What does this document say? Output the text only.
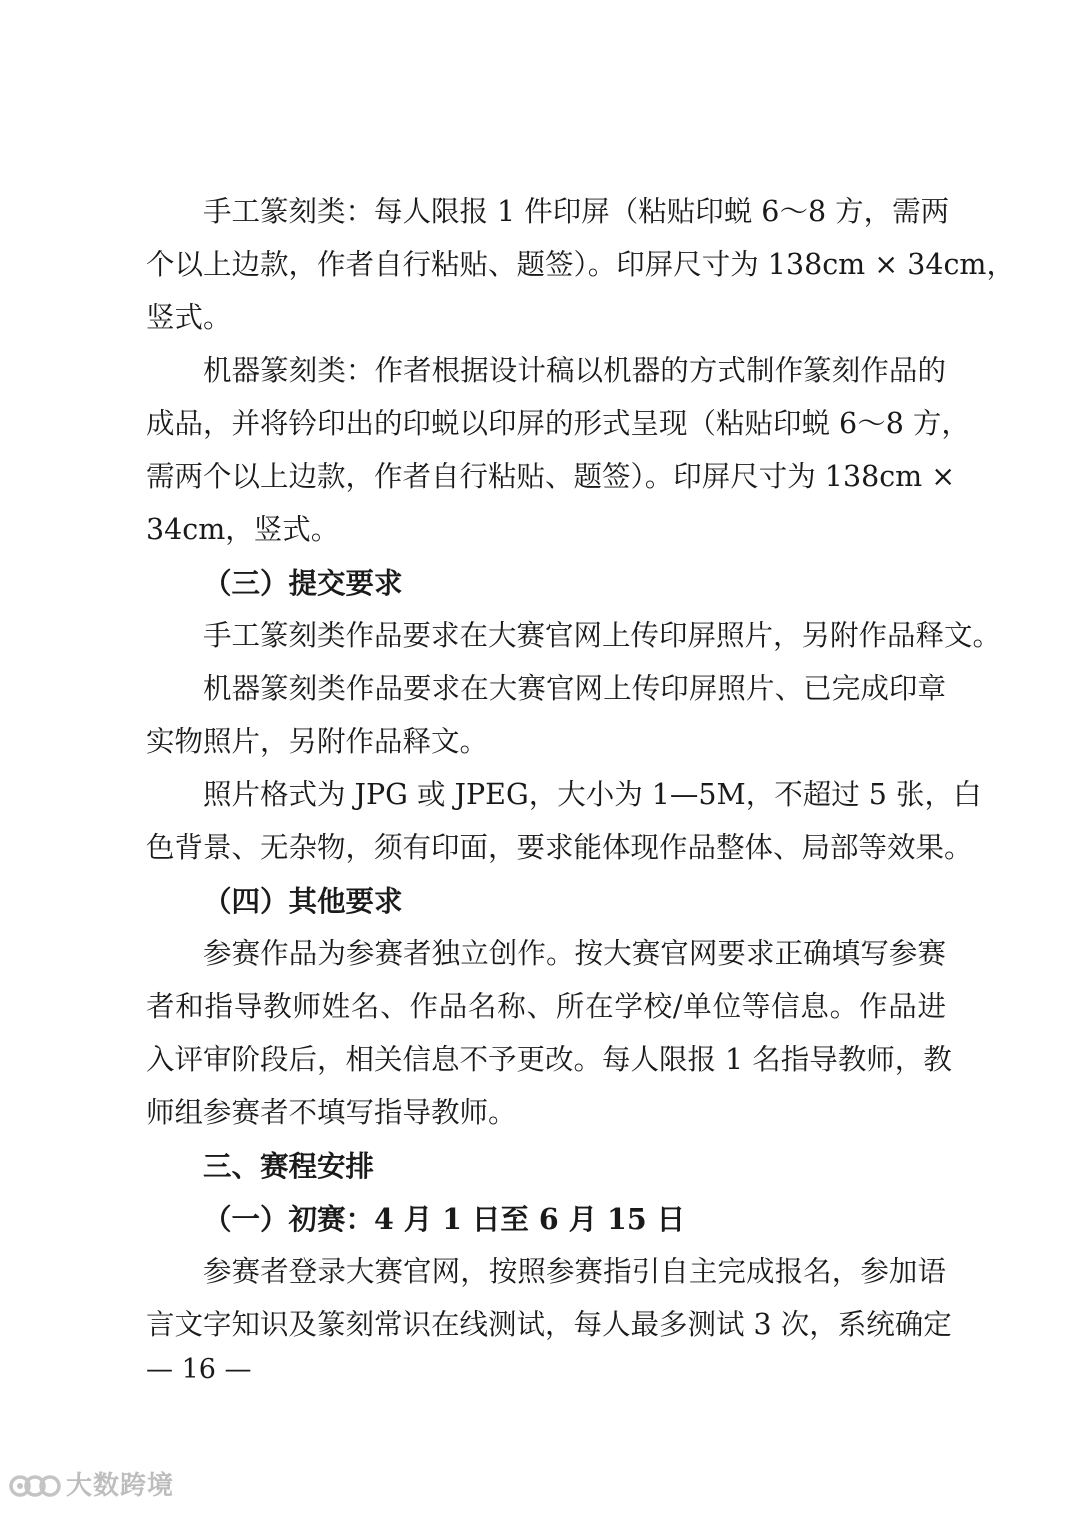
手工篆刻类：每人限报 1 件印屏（粘贴印蜕 6～8 方，需两
个以上边款，作者自行粘贴、题签）。印屏尺寸为 138cm × 34cm，
竖式。
机器篆刻类：作者根据设计稿以机器的方式制作篆刻作品的
成品，并将钤印出的印蜕以印屏的形式呈现（粘贴印蜕 6～8 方，
需两个以上边款，作者自行粘贴、题签）。印屏尺寸为 138cm ×
34cm，竖式。
（三）提交要求
手工篆刻类作品要求在大赛官网上传印屏照片，另附作品释文。
机器篆刻类作品要求在大赛官网上传印屏照片、已完成印章
实物照片，另附作品释文。
照片格式为 JPG 或 JPEG，大小为 1—5M，不超过 5 张，白
色背景、无杂物，须有印面，要求能体现作品整体、局部等效果。
（四）其他要求
参赛作品为参赛者独立创作。按大赛官网要求正确填写参赛
者和指导教师姓名、作品名称、所在学校/单位等信息。作品进
入评审阶段后，相关信息不予更改。每人限报 1 名指导教师，教
师组参赛者不填写指导教师。
三、赛程安排
（一）初赛：4 月 1 日至 6 月 15 日
参赛者登录大赛官网，按照参赛指引自主完成报名，参加语
言文字知识及篆刻常识在线测试，每人最多测试 3 次，系统确定
— 16 —
大数跨境
